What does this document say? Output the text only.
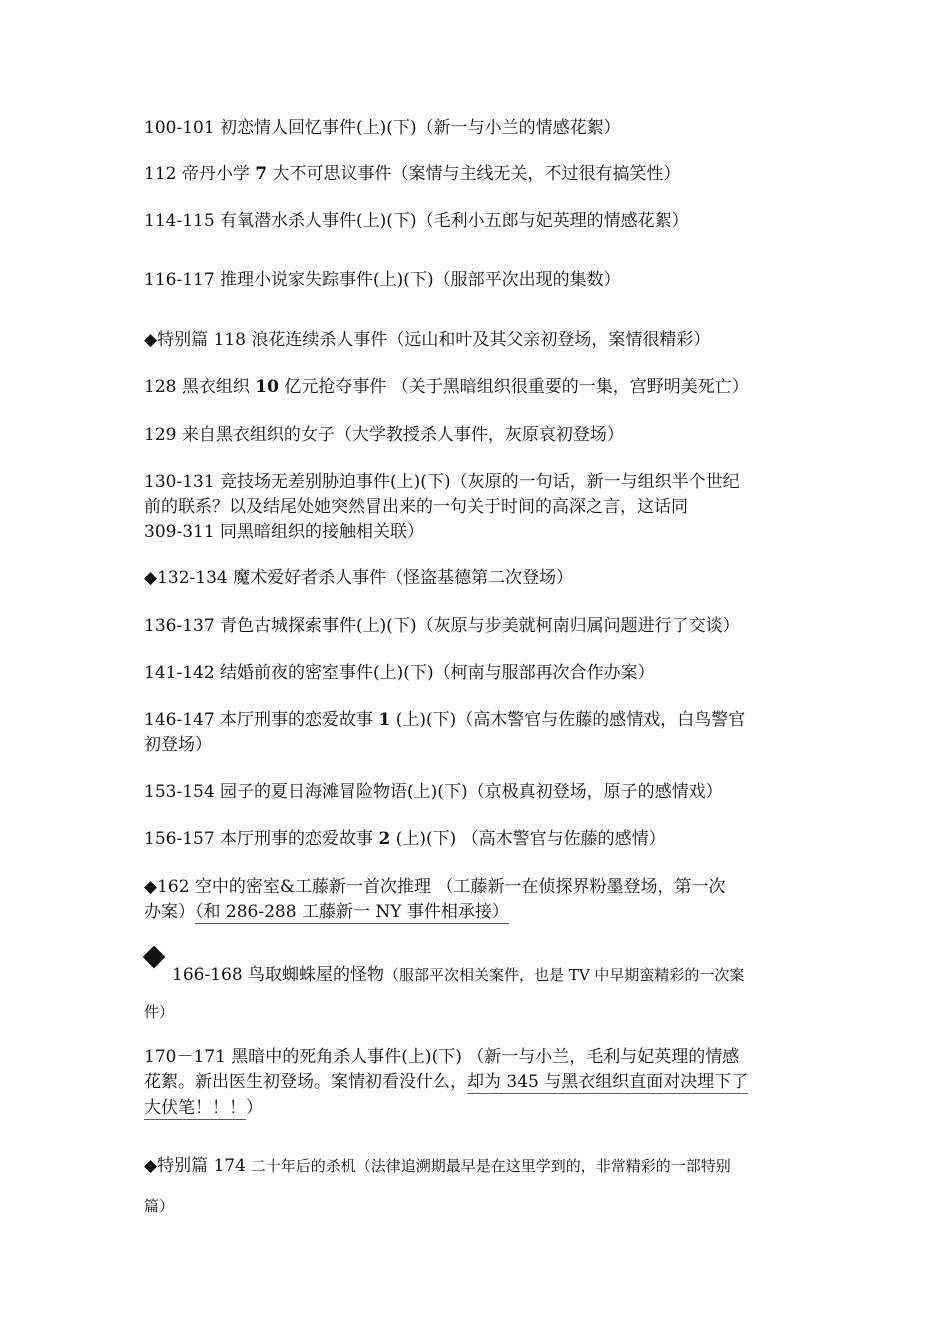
100-101 初恋情人回忆事件(上)(下)（新一与小兰的情感花絮）
112 帝丹小学 7 大不可思议事件（案情与主线无关，不过很有搞笑性）
114-115 有氧潜水杀人事件(上)(下)（毛利小五郎与妃英理的情感花絮）
116-117 推理小说家失踪事件(上)(下)（服部平次出现的集数）
◆特别篇 118 浪花连续杀人事件（远山和叶及其父亲初登场，案情很精彩）
128 黑衣组织 10 亿元抢夺事件 （关于黑暗组织很重要的一集，宫野明美死亡）
129 来自黑衣组织的女子（大学教授杀人事件，灰原哀初登场）
130-131 竞技场无差别胁迫事件(上)(下)（灰原的一句话，新一与组织半个世纪
前的联系？以及结尾处她突然冒出来的一句关于时间的高深之言，这话同
309-311 同黑暗组织的接触相关联）
◆132-134 魔术爱好者杀人事件（怪盗基德第二次登场）
136-137 青色古城探索事件(上)(下)（灰原与步美就柯南归属问题进行了交谈）
141-142 结婚前夜的密室事件(上)(下)（柯南与服部再次合作办案）
146-147 本厅刑事的恋爱故事 1 (上)(下)（高木警官与佐藤的感情戏，白鸟警官
初登场）
153-154 园子的夏日海滩冒险物语(上)(下)（京极真初登场，原子的感情戏）
156-157 本厅刑事的恋爱故事 2 (上)(下) （高木警官与佐藤的感情）
◆162 空中的密室&工藤新一首次推理 （工藤新一在侦探界粉墨登场，第一次
办案）（和 286-288 工藤新一 NY 事件相承接）
166-168 鸟取蜘蛛屋的怪物（服部平次相关案件，也是 TV 中早期蛮精彩的一次案
件）
170－171 黑暗中的死角杀人事件(上)(下) （新一与小兰，毛利与妃英理的情感
花絮。新出医生初登场。案情初看没什么，却为 345 与黑衣组织直面对决埋下了
大伏笔！！！）
◆特别篇 174 二十年后的杀机（法律追溯期最早是在这里学到的，非常精彩的一部特别
篇）
